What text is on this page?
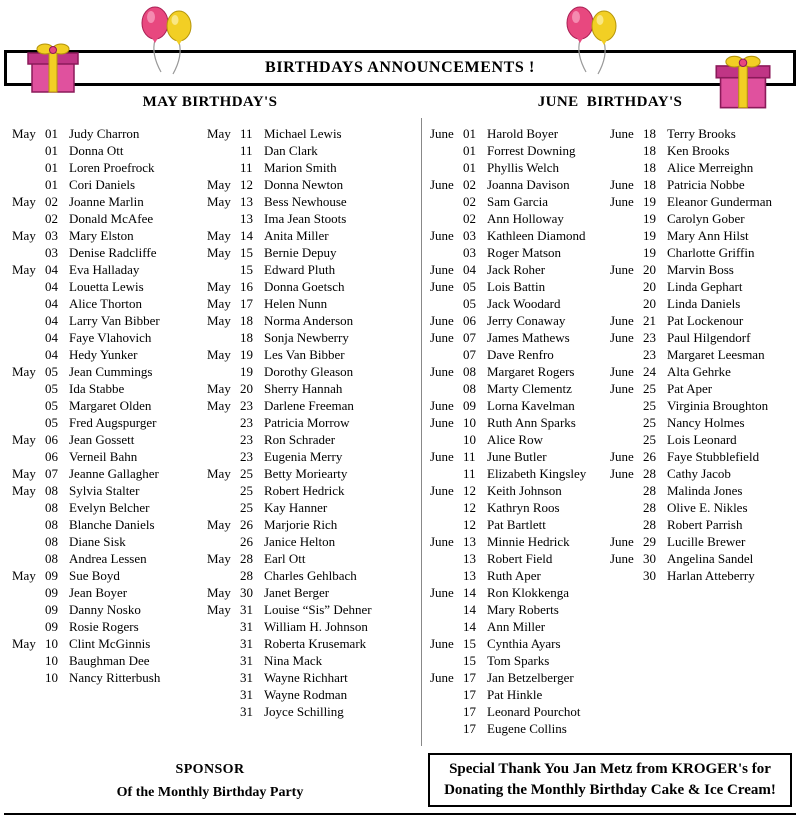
BIRTHDAYS ANNOUNCEMENTS !
MAY BIRTHDAY'S	JUNE  BIRTHDAY'S
May 01 Judy Charron
01 Donna Ott
01 Loren Proefrock
01 Cori Daniels
May 02 Joanne Marlin
02 Donald McAfee
May 03 Mary Elston
03 Denise Radcliffe
May 04 Eva Halladay
04 Louetta Lewis
04 Alice Thorton
04 Larry Van Bibber
04 Faye Vlahovich
04 Hedy Yunker
May 05 Jean Cummings
05 Ida Stabbe
05 Margaret Olden
05 Fred Augspurger
May 06 Jean Gossett
06 Verneil Bahn
May 07 Jeanne Gallagher
May 08 Sylvia Stalter
08 Evelyn Belcher
08 Blanche Daniels
08 Diane Sisk
08 Andrea Lessen
May 09 Sue Boyd
09 Jean Boyer
09 Danny Nosko
09 Rosie Rogers
May 10 Clint McGinnis
10 Baughman Dee
10 Nancy Ritterbush
May 11 Michael Lewis
11 Dan Clark
11 Marion Smith
May 12 Donna Newton
May 13 Bess Newhouse
13 Ima Jean Stoots
May 14 Anita Miller
May 15 Bernie Depuy
15 Edward Pluth
May 16 Donna Goetsch
May 17 Helen Nunn
May 18 Norma Anderson
18 Sonja Newberry
May 19 Les Van Bibber
19 Dorothy Gleason
May 20 Sherry Hannah
May 23 Darlene Freeman
23 Patricia Morrow
23 Ron Schrader
23 Eugenia Merry
May 25 Betty Moriearty
25 Robert Hedrick
25 Kay Hanner
May 26 Marjorie Rich
26 Janice Helton
May 28 Earl Ott
28 Charles Gehlbach
May 30 Janet Berger
May 31 Louise “Sis” Dehner
31 William H. Johnson
31 Roberta Krusemark
31 Nina Mack
31 Wayne Richhart
31 Wayne Rodman
31 Joyce Schilling
June 01 Harold Boyer
01 Forrest Downing
01 Phyllis Welch
June 02 Joanna Davison
02 Sam Garcia
02 Ann Holloway
June 03 Kathleen Diamond
03 Roger Matson
June 04 Jack Roher
June 05 Lois Battin
05 Jack Woodard
June 06 Jerry Conaway
June 07 James Mathews
07 Dave Renfro
June 08 Margaret Rogers
08 Marty Clementz
June 09 Lorna Kavelman
June 10 Ruth Ann Sparks
10 Alice Row
June 11 June Butler
11 Elizabeth Kingsley
June 12 Keith Johnson
12 Kathryn Roos
12 Pat Bartlett
June 13 Minnie Hedrick
13 Robert Field
13 Ruth Aper
June 14 Ron Klokkenga
14 Mary Roberts
14 Ann Miller
June 15 Cynthia Ayars
15 Tom Sparks
June 17 Jan Betzelberger
17 Pat Hinkle
17 Leonard Pourchot
17 Eugene Collins
June 18 Terry Brooks
18 Ken Brooks
18 Alice Merreighn
June 18 Patricia Nobbe
June 19 Eleanor Gunderman
19 Carolyn Gober
19 Mary Ann Hilst
19 Charlotte Griffin
June 20 Marvin Boss
20 Linda Gephart
20 Linda Daniels
June 21 Pat Lockenour
June 23 Paul Hilgendorf
23 Margaret Leesman
June 24 Alta Gehrke
June 25 Pat Aper
25 Virginia Broughton
25 Nancy Holmes
25 Lois Leonard
June 26 Faye Stubblefield
June 28 Cathy Jacob
28 Malinda Jones
28 Olive E. Nikles
28 Robert Parrish
June 29 Lucille Brewer
June 30 Angelina Sandel
30 Harlan Atteberry
SPONSOR
Of the Monthly Birthday Party
Special Thank You Jan Metz from KROGER's for
Donating the Monthly Birthday Cake & Ice Cream!
